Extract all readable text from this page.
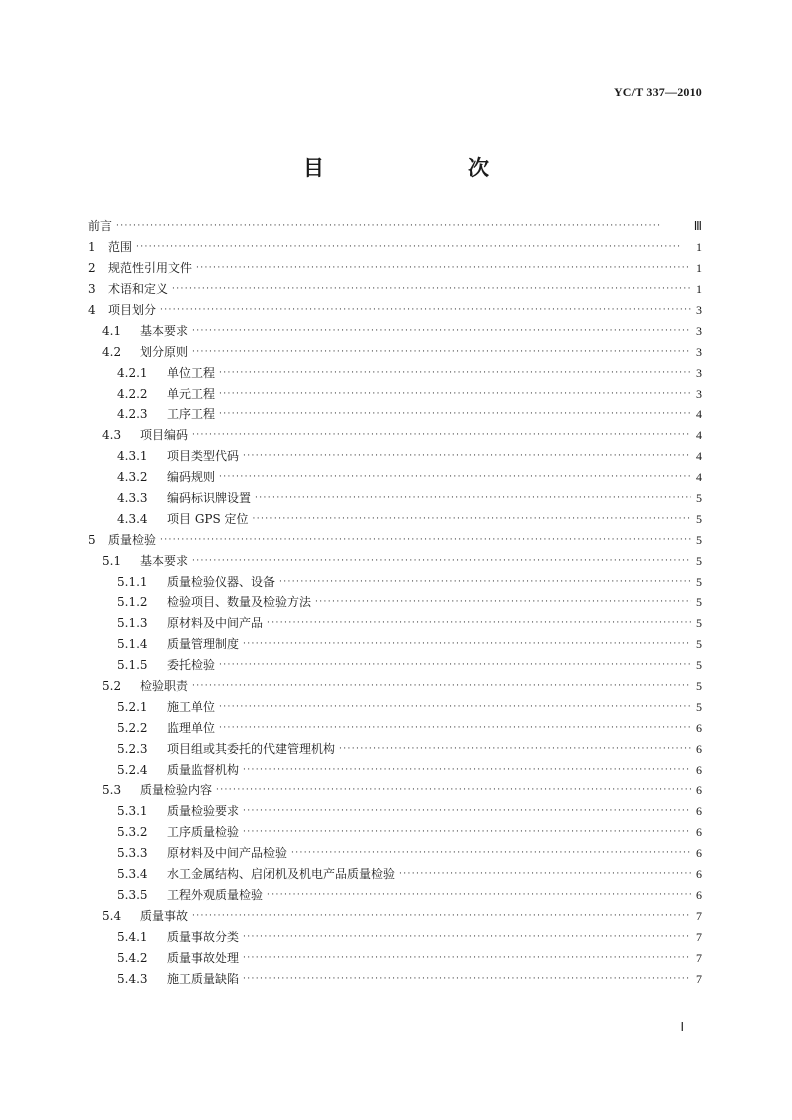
YC/T 337—2010
目　　次
前言 ·····	Ⅲ
1	范围 ·····	1
2	规范性引用文件 ·····	1
3	术语和定义 ·····	1
4	项目划分 ·····	3
4.1	基本要求 ·····	3
4.2	划分原则 ·····	3
4.2.1	单位工程 ·····	3
4.2.2	单元工程 ·····	3
4.2.3	工序工程 ·····	4
4.3	项目编码 ·····	4
4.3.1	项目类型代码 ·····	4
4.3.2	编码规则 ·····	4
4.3.3	编码标识牌设置 ·····	5
4.3.4	项目 GPS 定位 ·····	5
5	质量检验 ·····	5
5.1	基本要求 ·····	5
5.1.1	质量检验仪器、设备 ·····	5
5.1.2	检验项目、数量及检验方法 ·····	5
5.1.3	原材料及中间产品 ·····	5
5.1.4	质量管理制度 ·····	5
5.1.5	委托检验 ·····	5
5.2	检验职责 ·····	5
5.2.1	施工单位 ·····	5
5.2.2	监理单位 ·····	6
5.2.3	项目组或其委托的代建管理机构 ·····	6
5.2.4	质量监督机构 ·····	6
5.3	质量检验内容 ·····	6
5.3.1	质量检验要求 ·····	6
5.3.2	工序质量检验 ·····	6
5.3.3	原材料及中间产品检验 ·····	6
5.3.4	水工金属结构、启闭机及机电产品质量检验 ·····	6
5.3.5	工程外观质量检验 ·····	6
5.4	质量事故 ·····	7
5.4.1	质量事故分类 ·····	7
5.4.2	质量事故处理 ·····	7
5.4.3	施工质量缺陷 ·····	7
Ⅰ
